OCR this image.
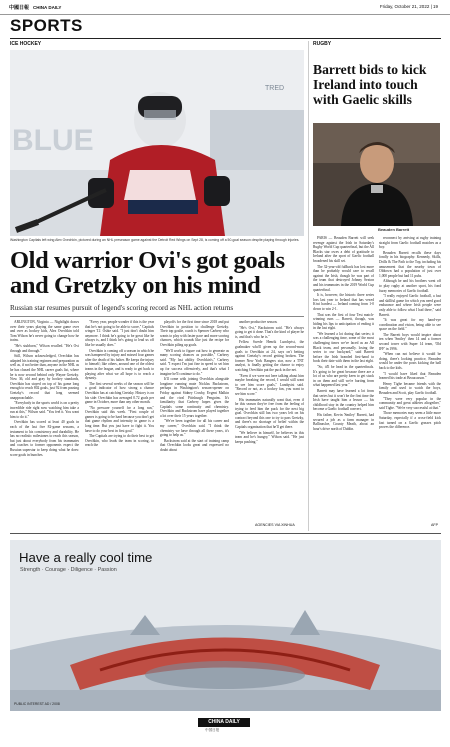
中國日報 CHINA DAILY	Friday, October 21, 2022 | 19
SPORTS
ICE HOCKEY	RUGBY
BLUE
TRED
Washington Capitals left wing Alex Ovechkin, pictured during an NHL preseason game against the Detroit Red Wings on Sept 28, is coming off a 50-goal season despite playing through injuries.
Old warrior Ovi's got goals and Gretzky on his mind
Russian star resumes pursuit of legend's scoring record as NHL action returns

ARLINGTON, Virginia — Nightlight draws over their years playing the same game over and over as hockey kids, Alex Ovechkin told Tom Wilson he's never going to change how he trains.

"He's stubborn," Wilson recalled. "He's Ovi through and through."

Still, Wilson acknowledged, Ovechkin has adapted his training regimen and preparation as well as, if not better than, anyone in the NHL as he has chased the NHL career goals list, where he is now second behind only Wayne Gretzky. Now 36, old and gray by hockey standards, Ovechkin has stayed on top of his game long enough to reach 802 goals, just 92 from passing Gretzky's record that long seemed unapproachable.

"Everybody in the sports world is on a pretty incredible ride right now watching him take a run at this," Wilson said. "You feel it. You want him to do it."

Ovechkin has scored at least 40 goals in each of the last five 82-game seasons, a testament to his consistency and durability. He has no realistic milestones to reach this season, but just about everybody from his teammates and coaches to former opponents expect the Russian superstar to keep doing what he does: score goals in bunches.

"Every year, people wonder if this is the year that he's not going to be able to score," Capitals winger T.J. Oshie said. "I just don't doubt him anymore. I think he's going to be great like he always is, and I think he's going to lead us off like he usually does."

Ovechkin is coming off a season in which he was hampered by injury and missed four games after the death of his father. He keeps the injury to himself; like others, around one of the oldest teams in the league, and is ready to get back to playing after what we all hope is to reach a dynasty.

The first several weeks of the season will be a good indicator of how strong a chance Ovechkin has at catching Gretzky. History is on his side: Ovechkin has averaged 0.72 goals per game in October, more than any other month.

"No pressure yourself for a long run," Ovechkin said this week. "First couple of games is going to be hard because you don't get that game rhythm and intensity in game is a long time. But you just have to fight it. You have to do your best in first goal."

The Capitals are trying to do their best to get Ovechkin, who leads the team in scoring, to reach the

playoffs for the first time since 2018 and put Ovechkin in position to challenge Gretzky. Their top goalie, coach is Spencer Carbery who wants to play with faster pace and more scoring chances, which sounds like just the recipe for Ovechkin piling up goals.

"We'll work to figure out how to generate as many scoring chances as possible," Carbery said. "My last ability Ovechkin's," Carbery said. "I expect I'm just fine in speed to set him up for success offensively, and that's what I imagine he'll continue to do."

It'll come with joining Ovechkin alongside longtime running mate Nicklas Backstrom, perhaps in Washington's season-opener on Friday against Sidney Crosby, Evgeni Malkin and the rival Pittsburgh Penguins. It's familiarity that Carbery hopes gives the Capitals some continuity and chemistry. Ovechkin and Backstrom have played together a lot over their 15 years together.

"We've been together for all his career and my career," Ovechkin said. "I think the chemistry we have through all these years, it's going to help us."

Backstrom said at the start of training camp that Ovechkin looks great and expressed no doubt about

another productive season.

"He's Ovi," Backstrom said. "He's always going to get it done. That's the kind of player he is, and that's who he is."

Fellow Swede Henrik Lundqvist, the goalmaker who'll given up the second-most goals to Ovechkin at 24, says on't betting against Gretzky's record getting broken. The former New York Rangers star, now a TNT analyst, is finally getting the chance to enjoy watching Ovechkin put the puck in the net.

"Even if we were not here talking about him maybe breaking the record, I would still want to see him score goals," Lundqvist said. "Record or not, as a hockey fan, you want to see him score."

His teammates naturally want that, even if he this season they're free from the feeling of trying to feed him the puck for the next big goal. Ovechkin still has two years left on his contract beyond this one to try to pass Gretzky, and there's no shortage of belief within the Capitals organization that he'll get there.

"We believe in himself, he believes in this team and he's hungry," Wilson said. "He just keeps pushing."

AGENCIES VIA XINHUA
Barrett bids to kick Ireland into touch with Gaelic skills
Beauden Barrett

PARIS — Beauden Barrett will seek revenge against the Irish in Saturday's Rugby World Cup quarterfinal, but the All Blacks star owes a debt of gratitude to Ireland after the sport of Gaelic football broadened his skill set.

The 32-year-old fullback has lost more than he probably would care to recall against the Irish, though he was part of the team that destroyed Johnny Sexton and his teammates in the 2019 World Cup quarterfinal.

It is, however, the historic three series loss last year to Ireland that has vexed Kiwi hardest — Ireland coming from 1-0 down to win 2-1.

That was the first of four Test match-winning runs — Barrett, though, was hiding his lips to anticipation of ending it in the last eight.

"We learned a lot during that series; it was a challenging time, some of the most challenging times we've faced as an All Black team, and personally. losing the series to our backyard," said Barrett before the Irish branded first-hand to book their date with them in the last eight.

"So, it'll be head in the quarterfinals. It's going to be great because there are a lot of us who are pretty keen to get stuck in on them and still we're hurting from what happened last year."

Barrett may have learned a lot from that series but it won't be the first time the Irish have taught him a lesson — his childhood stay in the country helped him become a Gaelic football convert.

His father, Kevin 'Smiley' Barrett, had secured a job as a farm manager in Ballinasloe, County Meath, about an hour's drive north of Dublin.

reconnect by arriving at rugby training straight from Gaelic football matches as a boy.

Beauden Barrett recalls these days fondly in his biography: Kennedy, Skills, Drills & The Path to the Top, including his amusement that the nearby town of Oldtown had a population of just over 1,000 people but had 11 pubs.

Although he and his brothers went off to play rugby at another sport, his fond fuzzy memories of Gaelic football.

"I really enjoyed Gaelic football, a fast and skillful game for which you need good endurance and where Irish people were only able to follow what I had there," said Barrett.

"It was great for my hand-eye coordination and vision, being able to see space on the field."

The Barrett boys would inspire about ten when 'Smiley' then 14 and a former second tower with Super 14 team, 'Old IFF' in 1996.

"When can not believe it would be doing, there's looking practice, Beauden would be under the posts kicking the ball back to the kids.

"I would have liked that Beauden learned his trade at Beaucasson."

Henry Tighe became friends with the family and used to watch the boys, Beauden and Scott, play Gaelic football.

"They were very popular in the community and great athletes altogether," said Tighe. "We're very successful at that."

Those memories may seem a little more Saturday, especially if a cross-field kick fast turned on a Gaelic grasses pitch proves the difference.

AFP
Have a really cool time
Strength · Courage · Diligence · Passion
PUBLIC INTEREST AD / 2008
CHINA DAILY
中国日报
